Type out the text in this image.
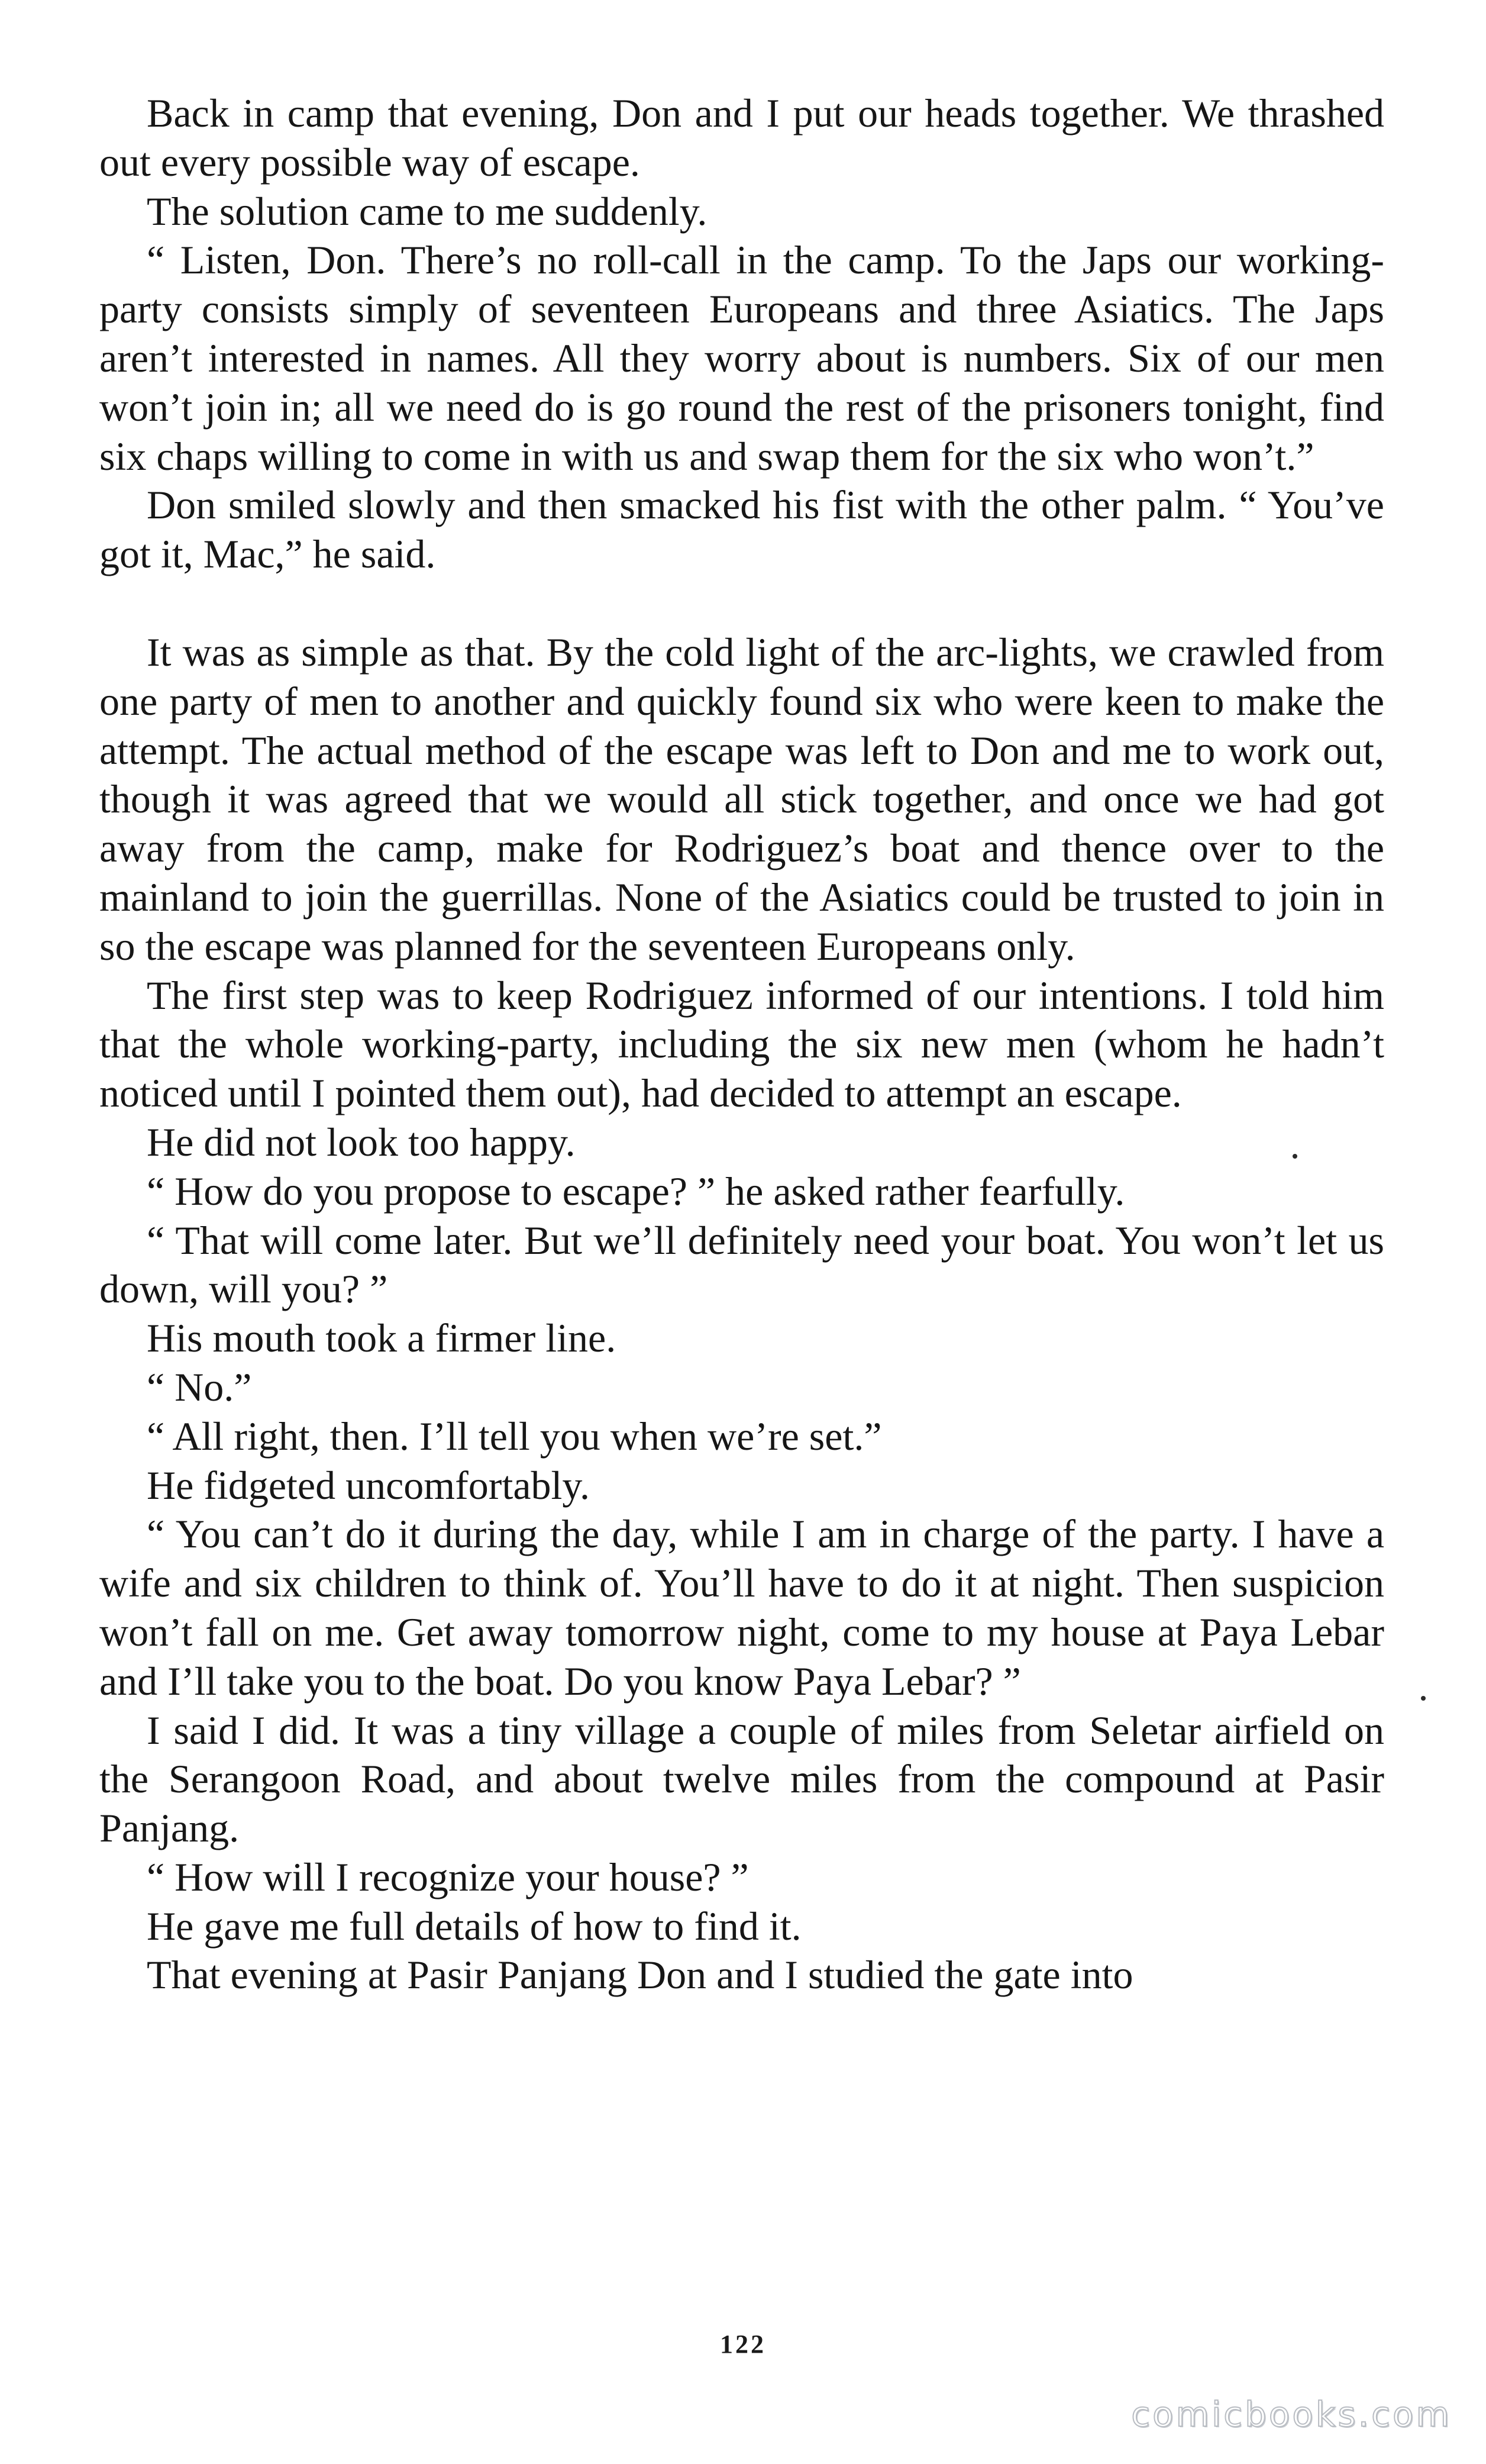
Back in camp that evening, Don and I put our heads together. We thrashed out every possible way of escape.

The solution came to me suddenly.

“ Listen, Don. There’s no roll-call in the camp. To the Japs our working-party consists simply of seventeen Europeans and three Asiatics. The Japs aren’t interested in names. All they worry about is numbers. Six of our men won’t join in; all we need do is go round the rest of the prisoners tonight, find six chaps willing to come in with us and swap them for the six who won’t.”

Don smiled slowly and then smacked his fist with the other palm. “ You’ve got it, Mac,” he said.

It was as simple as that. By the cold light of the arc-lights, we crawled from one party of men to another and quickly found six who were keen to make the attempt. The actual method of the escape was left to Don and me to work out, though it was agreed that we would all stick together, and once we had got away from the camp, make for Rodriguez’s boat and thence over to the mainland to join the guerrillas. None of the Asiatics could be trusted to join in so the escape was planned for the seventeen Europeans only.

The first step was to keep Rodriguez informed of our intentions. I told him that the whole working-party, including the six new men (whom he hadn’t noticed until I pointed them out), had decided to attempt an escape.

He did not look too happy.

“ How do you propose to escape? ” he asked rather fearfully.

“ That will come later. But we’ll definitely need your boat. You won’t let us down, will you? ”

His mouth took a firmer line.

“ No.”

“ All right, then. I’ll tell you when we’re set.”

He fidgeted uncomfortably.

“ You can’t do it during the day, while I am in charge of the party. I have a wife and six children to think of. You’ll have to do it at night. Then suspicion won’t fall on me. Get away tomorrow night, come to my house at Paya Lebar and I’ll take you to the boat. Do you know Paya Lebar? ”

I said I did. It was a tiny village a couple of miles from Seletar airfield on the Serangoon Road, and about twelve miles from the compound at Pasir Panjang.

“ How will I recognize your house? ”

He gave me full details of how to find it.

That evening at Pasir Panjang Don and I studied the gate into

122
comicbooks.com
